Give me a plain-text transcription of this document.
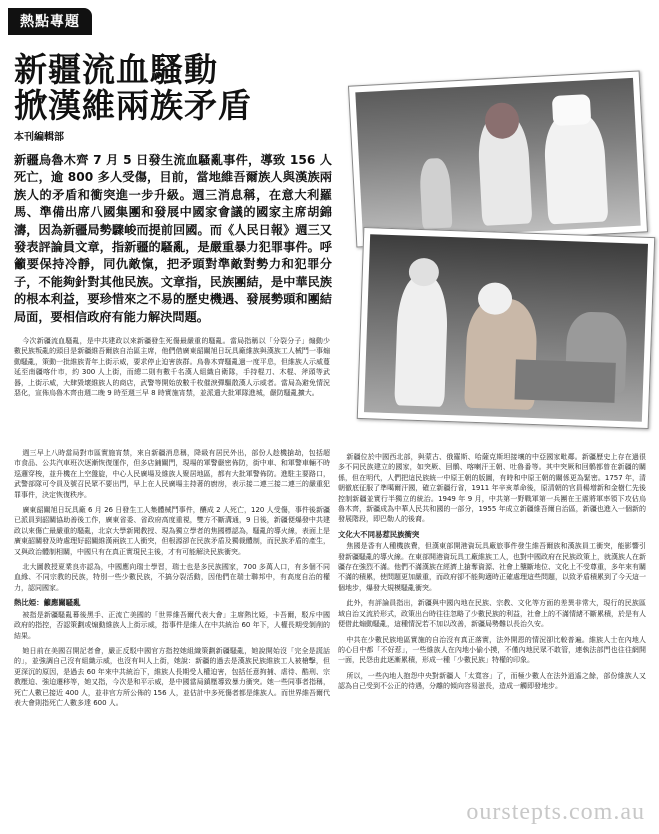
熱點專題
新疆流血騷動
掀漢維兩族矛盾
本刊編輯部
新疆烏魯木齊 7 月 5 日發生流血騷亂事件，導致 156 人死亡，逾 800 多人受傷，目前，當地維吾爾族人與漢族兩族人的矛盾和衝突進一步升級。週三消息稱，在意大利羅馬、準備出席八國集團和發展中國家會議的國家主席胡錦濤，因為新疆局勢驟峻而提前回國。而《人民日報》週三又發表評論員文章，指新疆的騷亂，是嚴重暴力犯罪事件。呼籲要保持冷靜，同仇敵愾，把矛頭對準敵對勢力和犯罪分子，不能夠針對其他民族。文章指，民族團結，是中華民族的根本利益，要珍惜來之不易的歷史機遇、發展勢頭和團結局面，要相信政府有能力解決問題。

今次新疆流血騷亂，是中共建政以來新疆發生死傷最嚴重的騷亂。當局指稱以「分裂分子」煽動少數民族叛亂的頭目是新疆維吾爾族自治區主席，他們借廣東韶關旭日玩具廠維族與漢族工人械鬥一事煽動騷亂，策動一批維族青年上街示威，要求停止迫害族群。烏魯木齊騷亂過一度平息，但維族人示威蔓延至南疆喀什市，約 300 人上街，而總二則有數千名漢人組織自衛隊，手持棍刀、木棍、斧頭等武器，上街示威，大肆毀壞維族人的商店，武警等開始放數千枚催淚彈驅散漢人示威者。當局為避免情況惡化，宣佈烏魯木齊由週二晚 9 時至週三早 8 時實施宵禁，並派遣大批軍隊進城，嚴防騷亂擴大。

週三早上八時當局對市區實施宵禁，來自新疆消息稱，降級有居民外出，部份人趁機搶劫，包括超市食品、公共汽車班次逐漸恢復運作，但多店鋪關門，現場的軍警嚴密佈防，街中車、和軍警車輛不時巡邏穿梭，並升機在上空盤旋，中心人民廣場及維族人聚居地區，都有大批軍警佈防。進駐主要路口，武警部隊可令員及號召民眾不要出門，早上在人民廣場主持著的廚房，表示接二連三接二連三的嚴重犯罪事件，決定恢復秩序。

廣東韶關旭日玩具廠 6 月 26 日發生工人集體械鬥事件，釀成 2 人死亡，120 人受傷，事件後新疆已派員到韶關協助善後工作，廣東省委、省政府高度重視，雙方不斷溝通，9 日後，新疆便爆發中共建政以來傷亡最嚴重的騷亂，北京大學新聞教授、現為獨立學者的焦國標認為，騷亂的導火線，表面上是廣東韶關發及時處理好韶關維漢兩族工人衝突，但根源卻在民族矛盾及獨裁體制，而民族矛盾的產生，又與政治體制相關，中國只有在真正實現民主後，才有可能解決民族衝突。

北大圖教授夏業良亦認為，中國應向瑞士學習，瑞士也是多民族國家，700 多萬人口，有多個不同血緣、不同宗教的民族，特別一些少數民族，不搞分裂活動，因他們在瑞士聯邦中，有高度自治的權力，認同國家。

熱比婭：籲應關騷亂

被指是新疆騷亂幕後黑手、正流亡美國的「世界維吾爾代表大會」主席熱比婭，卡吾爾，駁斥中國政府的指控，否認策劃或煽動維族人上街示威，指事件是維人在中共統治 60 年下，人權長期受剝削的結果。

她日前在美國召開記者會，嚴正反駁中國官方指控她組織策劃新疆騷亂，她說開始沒「完全是謊話的」，並強調自己沒有組織示威，也沒有叫人上街，她說：新疆的過去是漢族民族維族工人被槍擊，但更深沉的原因，是過去 60 年來中共統治下，維族人長期受人權迫害，包括任意拘捕、虐待、酷刑、宗教壓迫、強迫遷移等，她又指，今次是和平示威，是中國當局鎮壓導致暴力衝突。她一些同事者指稱，死亡人數已接近 400 人，並非官方所公佈的 156 人，並估計中多死傷者都是維族人。而世界維吾爾代表大會則指死亡人數多達 600 人。

新疆位於中國西北部，與蒙古、俄羅斯、哈薩克斯坦接壤的中亞國家毗鄰。新疆歷史上存在過很多不同民族建立的國家，如突厥、回鶻、喀喇汗王朝、吐魯番等。其中突厥和回鶻都曾在新疆的關係，但在明代，人們把這民族統一中原王朝的版圖，有時和中原王朝的關係更為緊密。1757 年，清朝徹底征服了準噶爾汗國，確立新疆行省，1911 年辛亥革命後，原清朝的官員楊增新和金樹仁先後控制新疆並實行半獨立的統治。1949 年 9 月，中共第一野戰軍第一兵團在王震將軍率領下攻佔烏魯木齊，新疆成為中華人民共和國的一部分，1955 年成立新疆維吾爾自治區，新疆也進入一個新的發展階段，即巴勒人的後裔。

文化大不同易惹民族衝突

焦國是香有人種機族費，但漢東部開港資玩具廠旅事件發生維吾爾族和漢族員工衝突，能影響引發新疆騷亂的導火線。在東部開港資玩具工廠維族工人，也對中國政府在民族政策上，就漢族人在新疆存在強烈不滿。他們不滿漢族在經濟上搶奪資源、社會上壟斷地位、文化上不受尊重，多年來有關不滿的積累，使問題更加嚴重，而政府卻不能夠適時正確處理這些問題，以致矛盾積累到了今天這一個地步，爆發大規模騷亂衝突。

此外，有評論員指出，新疆與中國內地在民族、宗教、文化等方面的差異非常大，現行的民族區域自治又流於形式，政策出台時往往忽略了少數民族的利益，社會上的不滿情緒不斷累積，於是有人便借此煽動騷亂，這種情況若不加以改善，新疆局勢難以長治久安。

中共在少數民族地區實施的自治沒有真正落實，法外開恩的情況卻比較普遍。維族人士在內地人的心目中都「不好惹」，一些維族人在內地小偷小摸，不僅內地民眾不敢管，連執法部門也往往網開一面，民怨由此逐漸累積，形成一種「少數民族」特權的印象。

所以，一些內地人抱怨中央對新疆人「太寬容」了，而極少數人在法外逍遙之餘，部份維族人又認為自己受到不公正的待遇，分離的傾向容易滋長，造成一觸即發地步。

ourstepts.com.au
